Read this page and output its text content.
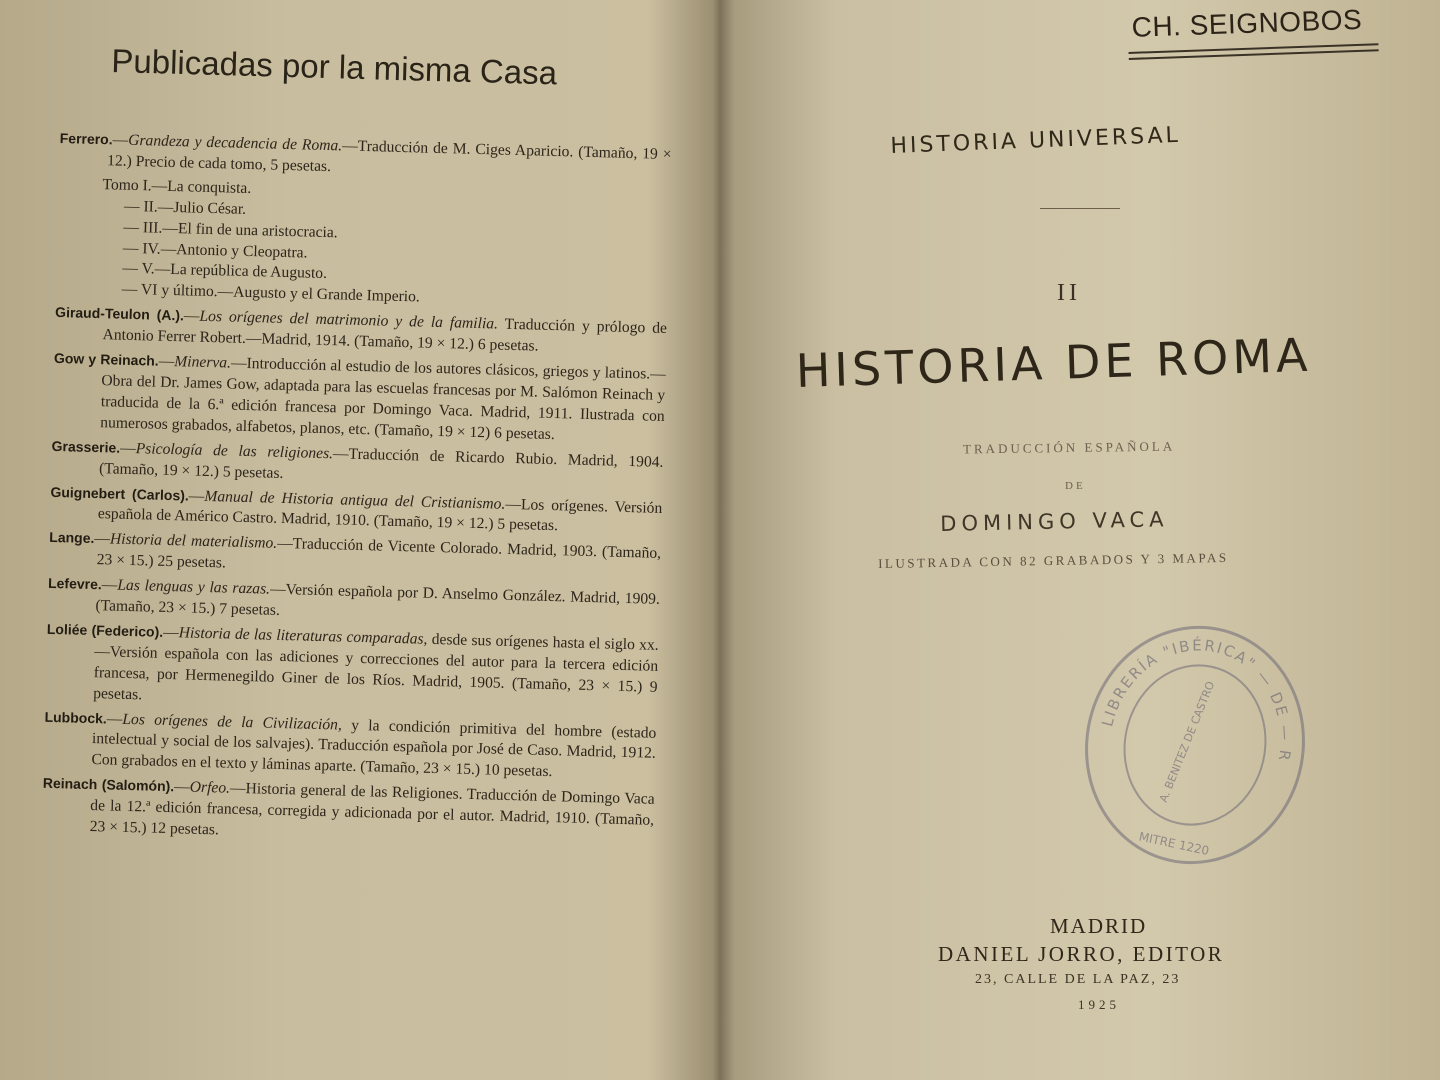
Publicadas por la misma Casa
Ferrero.—Grandeza y decadencia de Roma.—Traducción de M. Ciges Aparicio. (Tamaño, 19 × 12.) Precio de cada tomo, 5 pesetas.
Tomo I.—La conquista.
— II.—Julio César.
— III.—El fin de una aristocracia.
— IV.—Antonio y Cleopatra.
— V.—La república de Augusto.
— VI y último.—Augusto y el Grande Imperio.
Giraud-Teulon (A.).—Los orígenes del matrimonio y de la familia. Traducción y prólogo de Antonio Ferrer Robert.—Madrid, 1914. (Tamaño, 19 × 12.) 6 pesetas.
Gow y Reinach.—Minerva.—Introducción al estudio de los autores clásicos, griegos y latinos.—Obra del Dr. James Gow, adaptada para las escuelas francesas por M. Salómon Reinach y traducida de la 6.ª edición francesa por Domingo Vaca. Madrid, 1911. Ilustrada con numerosos grabados, alfabetos, planos, etc. (Tamaño, 19 × 12) 6 pesetas.
Grasserie.—Psicología de las religiones.—Traducción de Ricardo Rubio. Madrid, 1904. (Tamaño, 19 × 12.) 5 pesetas.
Guignebert (Carlos).—Manual de Historia antigua del Cristianismo.—Los orígenes. Versión española de Américo Castro. Madrid, 1910. (Tamaño, 19 × 12.) 5 pesetas.
Lange.—Historia del materialismo.—Traducción de Vicente Colorado. Madrid, 1903. (Tamaño, 23 × 15.) 25 pesetas.
Lefevre.—Las lenguas y las razas.—Versión española por D. Anselmo González. Madrid, 1909. (Tamaño, 23 × 15.) 7 pesetas.
Loliée (Federico).—Historia de las literaturas comparadas, desde sus orígenes hasta el siglo xx. —Versión española con las adiciones y correcciones del autor para la tercera edición francesa, por Hermenegildo Giner de los Ríos. Madrid, 1905. (Tamaño, 23 × 15.) 9 pesetas.
Lubbock.—Los orígenes de la Civilización, y la condición primitiva del hombre (estado intelectual y social de los salvajes). Traducción española por José de Caso. Madrid, 1912. Con grabados en el texto y láminas aparte. (Tamaño, 23 × 15.) 10 pesetas.
Reinach (Salomón).—Orfeo.—Historia general de las Religiones. Traducción de Domingo Vaca de la 12.ª edición francesa, corregida y adicionada por el autor. Madrid, 1910. (Tamaño, 23 × 15.) 12 pesetas.
CH. SEIGNOBOS
HISTORIA UNIVERSAL
II
HISTORIA DE ROMA
TRADUCCIÓN ESPAÑOLA
DE
DOMINGO VACA
ILUSTRADA CON 82 GRABADOS Y 3 MAPAS
LIBRERÍA "IBÉRICA" — DE — ROSARIO
A. BENITEZ DE CASTRO
MITRE 1220
MADRID
DANIEL JORRO, EDITOR
23, CALLE DE LA PAZ, 23
1925
